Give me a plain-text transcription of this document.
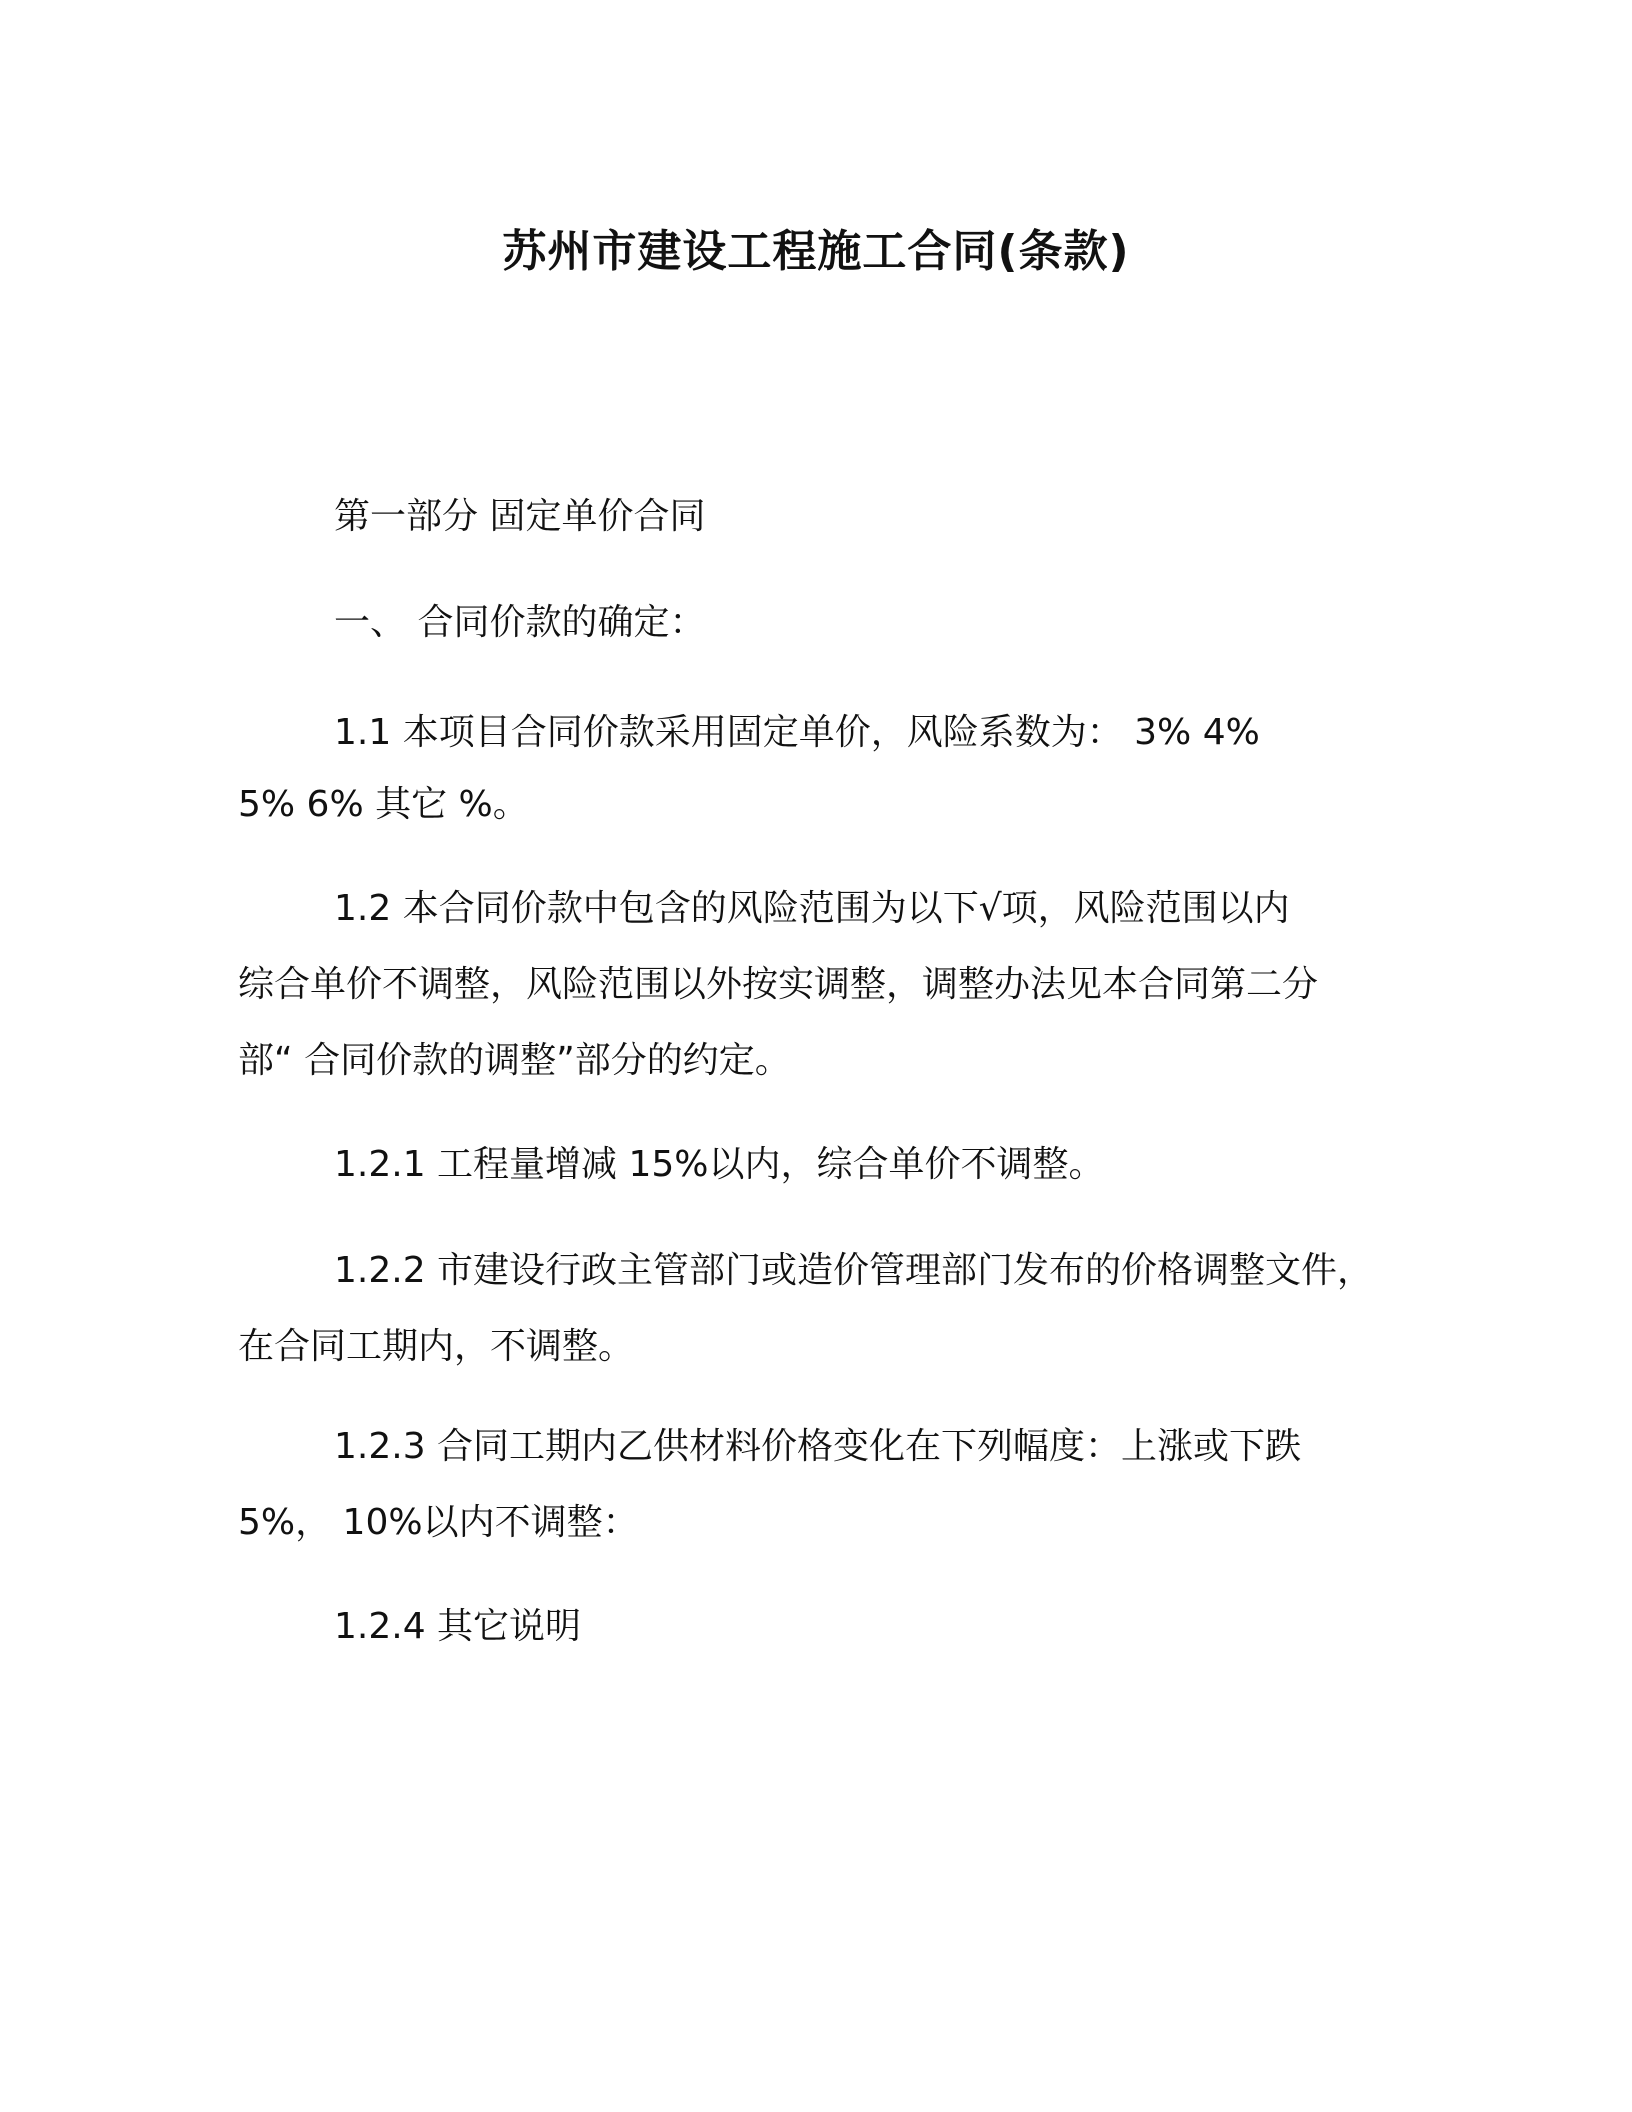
苏州市建设工程施工合同(条款)
第一部分 固定单价合同
一、 合同价款的确定：
1.1 本项目合同价款采用固定单价，风险系数为： 3% 4%
5% 6% 其它 %。
1.2 本合同价款中包含的风险范围为以下√项，风险范围以内
综合单价不调整，风险范围以外按实调整，调整办法见本合同第二分
部“ 合同价款的调整”部分的约定。
1.2.1 工程量增减 15%以内，综合单价不调整。
1.2.2 市建设行政主管部门或造价管理部门发布的价格调整文件，
在合同工期内，不调整。
1.2.3 合同工期内乙供材料价格变化在下列幅度：上涨或下跌
5%， 10%以内不调整：
1.2.4 其它说明
